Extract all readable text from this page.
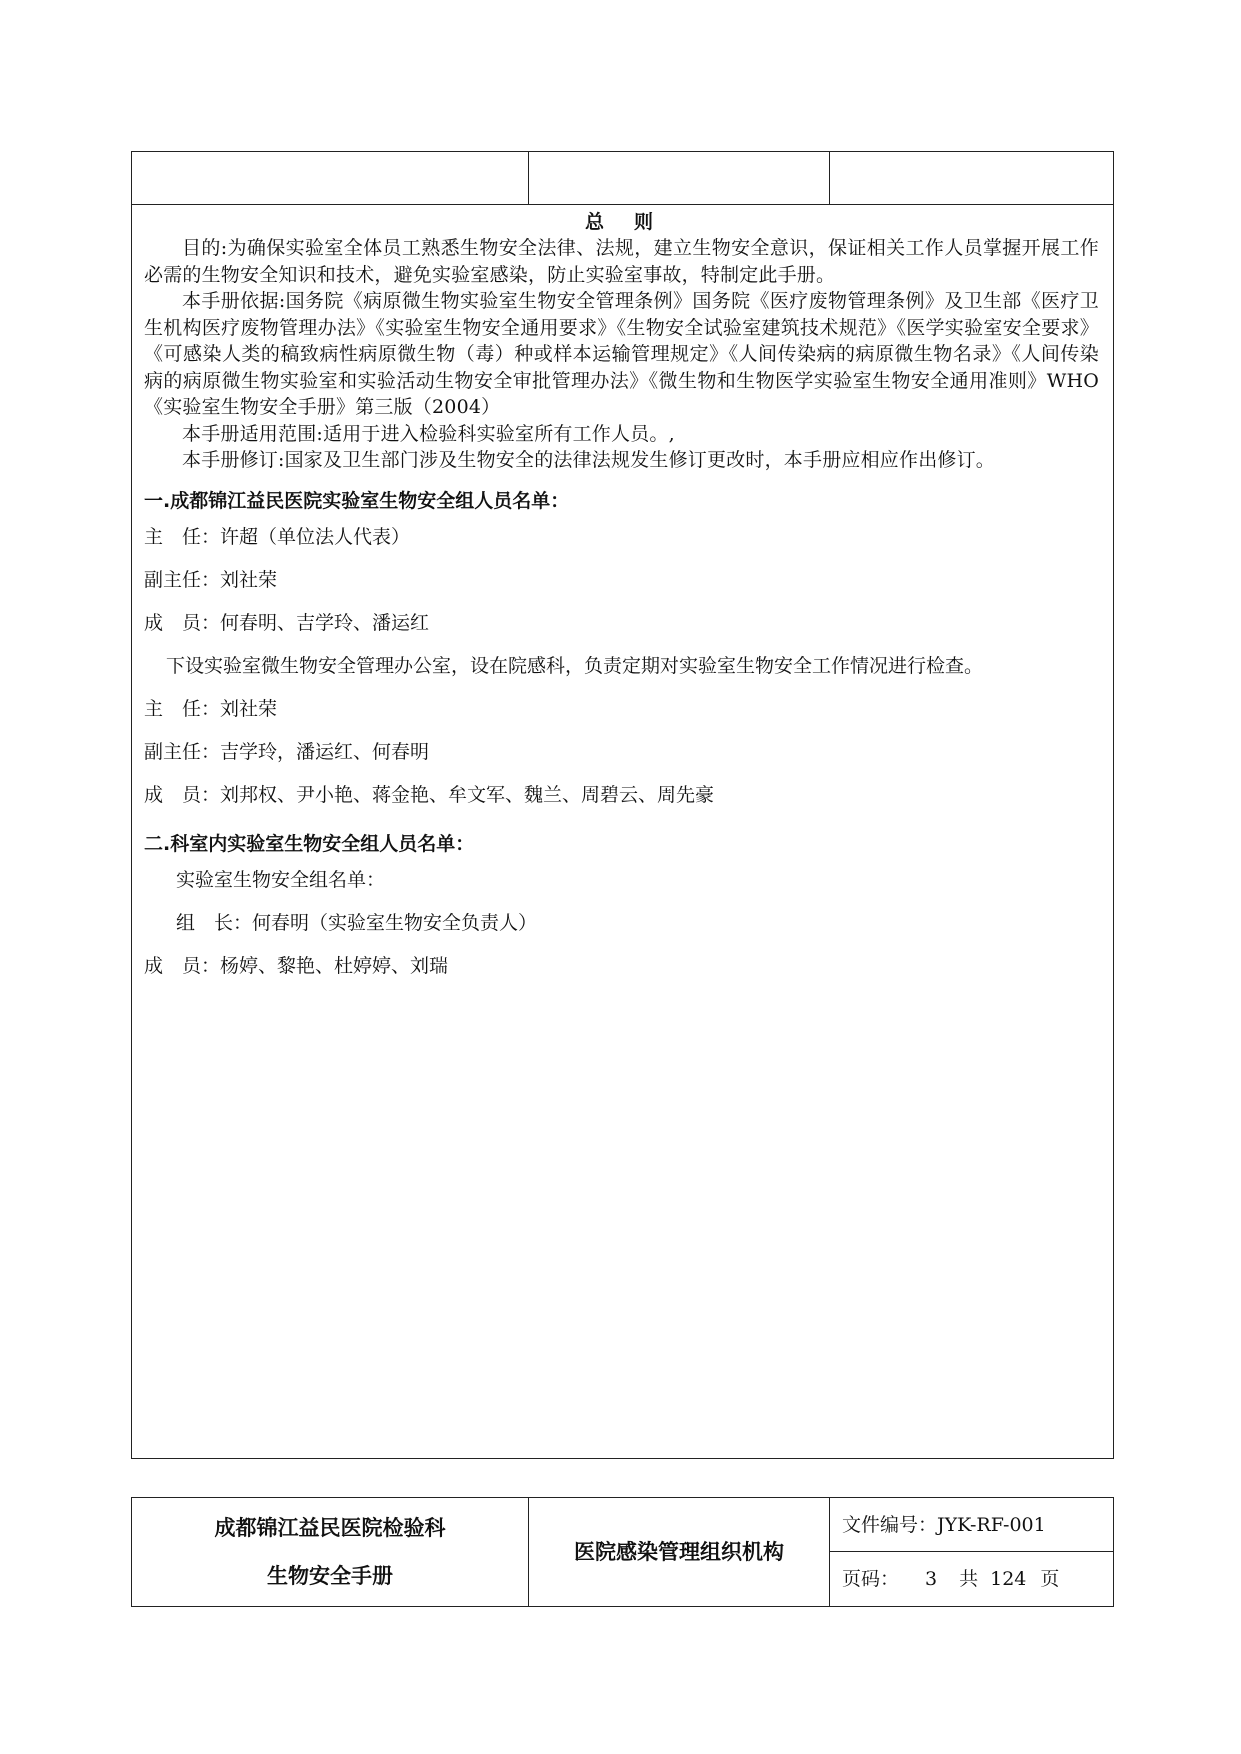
总则

目的:为确保实验室全体员工熟悉生物安全法律、法规，建立生物安全意识，保证相关工作人员掌握开展工作必需的生物安全知识和技术，避免实验室感染，防止实验室事故，特制定此手册。

本手册依据:国务院《病原微生物实验室生物安全管理条例》国务院《医疗废物管理条例》及卫生部《医疗卫生机构医疗废物管理办法》《实验室生物安全通用要求》《生物安全试验室建筑技术规范》《医学实验室安全要求》《可感染人类的稿致病性病原微生物（毒）种或样本运输管理规定》《人间传染病的病原微生物名录》《人间传染病的病原微生物实验室和实验活动生物安全审批管理办法》《微生物和生物医学实验室生物安全通用准则》WHO《实验室生物安全手册》第三版（2004）

本手册适用范围:适用于进入检验科实验室所有工作人员。,

本手册修订:国家及卫生部门涉及生物安全的法律法规发生修订更改时，本手册应相应作出修订。

一.成都锦江益民医院实验室生物安全组人员名单：

主　任：许超（单位法人代表）

副主任：刘社荣

成　员：何春明、吉学玲、潘运红

下设实验室微生物安全管理办公室，设在院感科，负责定期对实验室生物安全工作情况进行检查。

主　任：刘社荣

副主任：吉学玲，潘运红、何春明

成　员：刘邦权、尹小艳、蒋金艳、牟文军、魏兰、周碧云、周先豪

二.科室内实验室生物安全组人员名单：

实验室生物安全组名单：

组　长：何春明（实验室生物安全负责人）

成　员：杨婷、黎艳、杜婷婷、刘瑞

成都锦江益民医院检验科
生物安全手册
医院感染管理组织机构
文件编号：JYK-RF-001
页码： 3 共 124 页
